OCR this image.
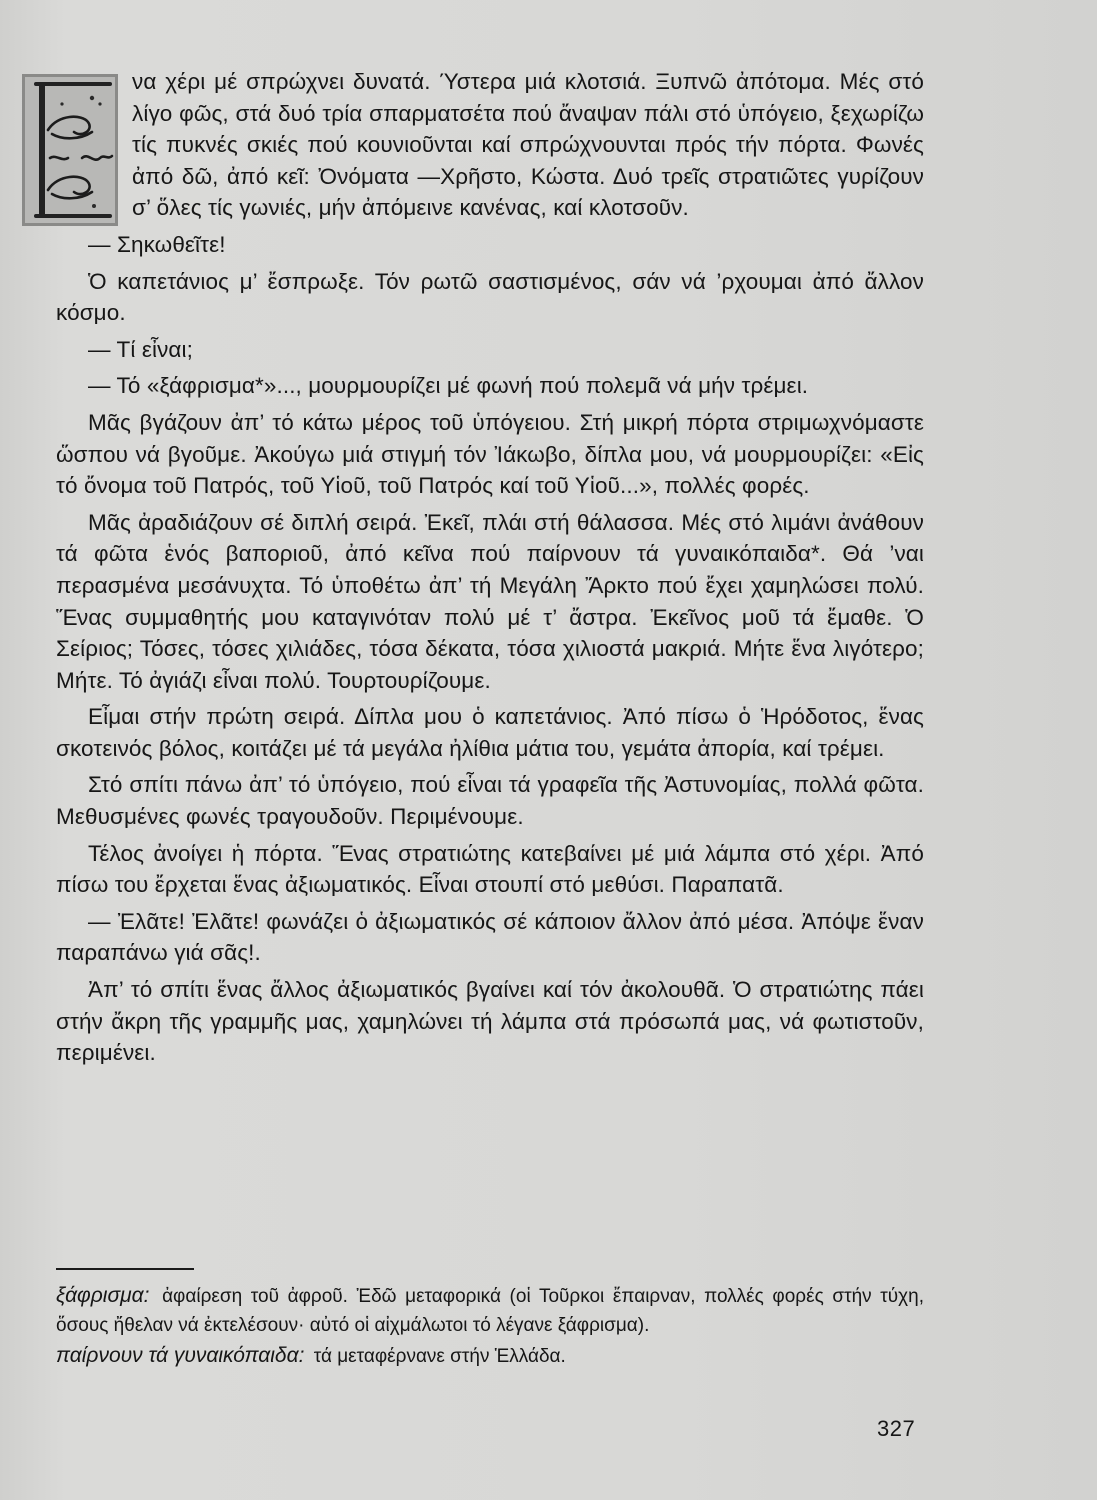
να χέρι μέ σπρώχνει δυνατά. Ύστερα μιά κλοτσιά. Ξυπνῶ ἀπότομα. Μές στό λίγο φῶς, στά δυό τρία σπαρματσέτα πού ἄναψαν πάλι στό ὑπόγειο, ξεχωρίζω τίς πυκνές σκιές πού κουνιοῦνται καί σπρώχνουνται πρός τήν πόρτα. Φωνές ἀπό δῶ, ἀπό κεῖ: Ὀνόματα —Χρῆστο, Κώστα. Δυό τρεῖς στρατιῶτες γυρίζουν σ’ ὅλες τίς γωνιές, μήν ἀπόμεινε κανένας, καί κλοτσοῦν.

— Σηκωθεῖτε!

Ὁ καπετάνιος μ’ ἔσπρωξε. Τόν ρωτῶ σαστισμένος, σάν νά ’ρχουμαι ἀπό ἄλλον κόσμο.

— Τί εἶναι;

— Τό «ξάφρισμα*»..., μουρμουρίζει μέ φωνή πού πολεμᾶ νά μήν τρέμει.

Μᾶς βγάζουν ἀπ’ τό κάτω μέρος τοῦ ὑπόγειου. Στή μικρή πόρτα στριμωχνόμαστε ὥσπου νά βγοῦμε. Ἀκούγω μιά στιγμή τόν Ἰάκωβο, δίπλα μου, νά μουρμουρίζει: «Εἰς τό ὄνομα τοῦ Πατρός, τοῦ Υἱοῦ, τοῦ Πατρός καί τοῦ Υἱοῦ...», πολλές φορές.

Μᾶς ἀραδιάζουν σέ διπλή σειρά. Ἐκεῖ, πλάι στή θάλασσα. Μές στό λιμάνι ἀνάθουν τά φῶτα ἑνός βαποριοῦ, ἀπό κεῖνα πού παίρνουν τά γυναικόπαιδα*. Θά ’ναι περασμένα μεσάνυχτα. Τό ὑποθέτω ἀπ’ τή Μεγάλη Ἄρκτο πού ἔχει χαμηλώσει πολύ. Ἕνας συμμαθητής μου καταγινόταν πολύ μέ τ’ ἄστρα. Ἐκεῖνος μοῦ τά ἔμαθε. Ὁ Σείριος; Τόσες, τόσες χιλιάδες, τόσα δέκατα, τόσα χιλιοστά μακριά. Μήτε ἕνα λιγότερο; Μήτε. Τό ἀγιάζι εἶναι πολύ. Τουρτουρίζουμε.

Εἶμαι στήν πρώτη σειρά. Δίπλα μου ὁ καπετάνιος. Ἀπό πίσω ὁ Ἡρόδοτος, ἕνας σκοτεινός βόλος, κοιτάζει μέ τά μεγάλα ἠλίθια μάτια του, γεμάτα ἀπορία, καί τρέμει.

Στό σπίτι πάνω ἀπ’ τό ὑπόγειο, πού εἶναι τά γραφεῖα τῆς Ἀστυνομίας, πολλά φῶτα. Μεθυσμένες φωνές τραγουδοῦν. Περιμένουμε.

Τέλος ἀνοίγει ἡ πόρτα. Ἕνας στρατιώτης κατεβαίνει μέ μιά λάμπα στό χέρι. Ἀπό πίσω του ἔρχεται ἕνας ἀξιωματικός. Εἶναι στουπί στό μεθύσι. Παραπατᾶ.

— Ἐλᾶτε! Ἐλᾶτε! φωνάζει ὁ ἀξιωματικός σέ κάποιον ἄλλον ἀπό μέσα. Ἀπόψε ἕναν παραπάνω γιά σᾶς!.

Ἀπ’ τό σπίτι ἕνας ἄλλος ἀξιωματικός βγαίνει καί τόν ἀκολουθᾶ. Ὁ στρατιώτης πάει στήν ἄκρη τῆς γραμμῆς μας, χαμηλώνει τή λάμπα στά πρόσωπά μας, νά φωτιστοῦν, περιμένει.

ξάφρισμα: ἀφαίρεση τοῦ ἀφροῦ. Ἐδῶ μεταφορικά (οἱ Τοῦρκοι ἔπαιρναν, πολλές φορές στήν τύχη, ὅσους ἤθελαν νά ἐκτελέσουν· αὐτό οἱ αἰχμάλωτοι τό λέγανε ξάφρισμα).

παίρνουν τά γυναικόπαιδα: τά μεταφέρνανε στήν Ἑλλάδα.

327
